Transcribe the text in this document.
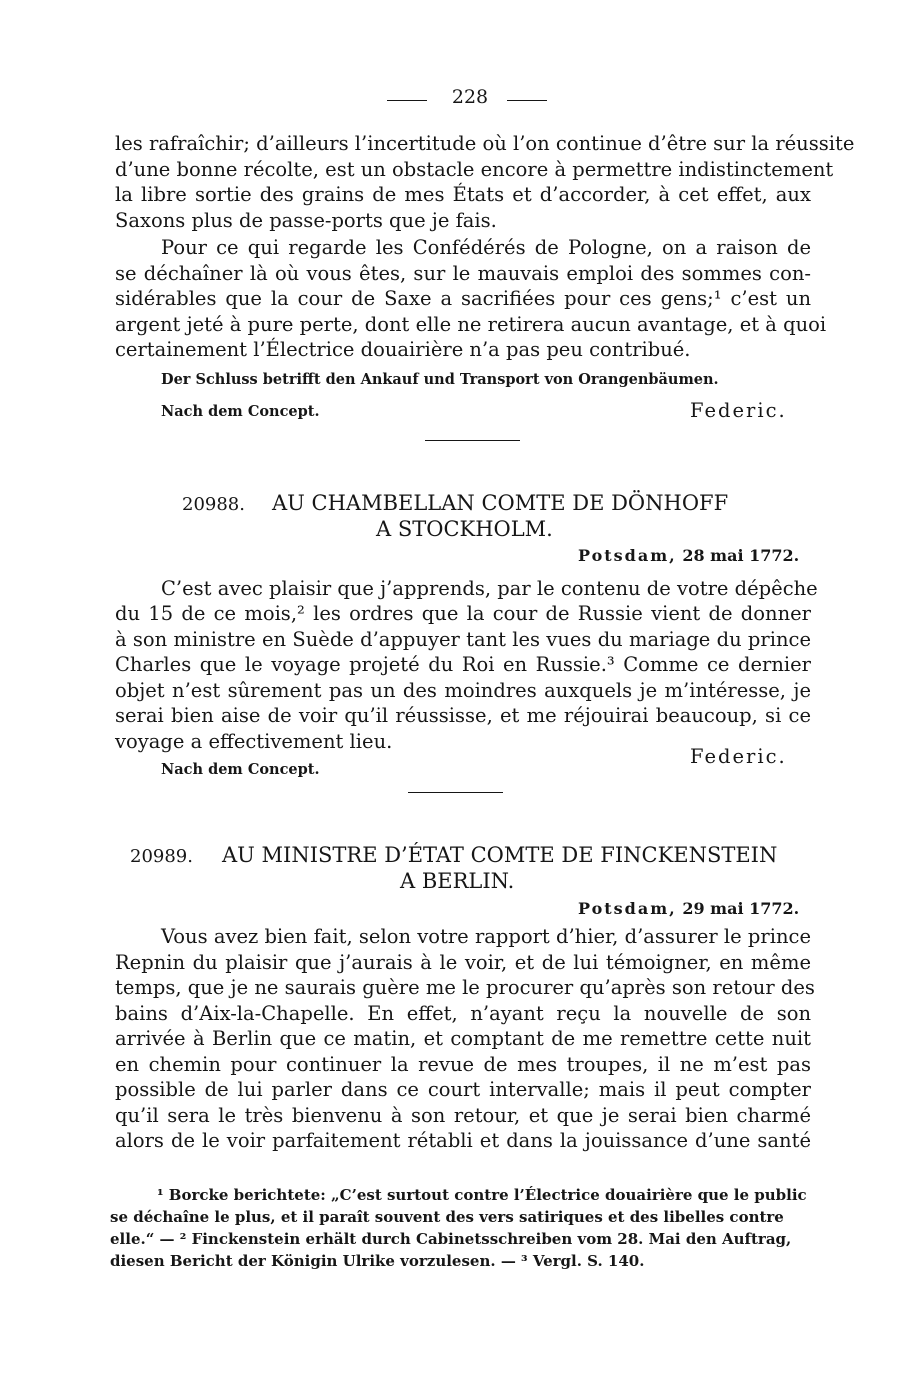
228
les rafraîchir; d’ailleurs l’incertitude où l’on continue d’être sur la réussite
d’une bonne récolte, est un obstacle encore à permettre indistinctement
la libre sortie des grains de mes États et d’accorder, à cet effet, aux
Saxons plus de passe-ports que je fais.
Pour ce qui regarde les Confédérés de Pologne, on a raison de
se déchaîner là où vous êtes, sur le mauvais emploi des sommes con-
sidérables que la cour de Saxe a sacrifiées pour ces gens;¹ c’est un
argent jeté à pure perte, dont elle ne retirera aucun avantage, et à quoi
certainement l’Électrice douairière n’a pas peu contribué.
Der Schluss betrifft den Ankauf und Transport von Orangenbäumen.
Nach dem Concept.	Federic.
20988. AU CHAMBELLAN COMTE DE DÖNHOFF
A STOCKHOLM.
Potsdam, 28 mai 1772.
C’est avec plaisir que j’apprends, par le contenu de votre dépêche
du 15 de ce mois,² les ordres que la cour de Russie vient de donner
à son ministre en Suède d’appuyer tant les vues du mariage du prince
Charles que le voyage projeté du Roi en Russie.³ Comme ce dernier
objet n’est sûrement pas un des moindres auxquels je m’intéresse, je
serai bien aise de voir qu’il réussisse, et me réjouirai beaucoup, si ce
voyage a effectivement lieu.
Federic.
Nach dem Concept.
20989. AU MINISTRE D’ÉTAT COMTE DE FINCKENSTEIN
A BERLIN.
Potsdam, 29 mai 1772.
Vous avez bien fait, selon votre rapport d’hier, d’assurer le prince
Repnin du plaisir que j’aurais à le voir, et de lui témoigner, en même
temps, que je ne saurais guère me le procurer qu’après son retour des
bains d’Aix-la-Chapelle. En effet, n’ayant reçu la nouvelle de son
arrivée à Berlin que ce matin, et comptant de me remettre cette nuit
en chemin pour continuer la revue de mes troupes, il ne m’est pas
possible de lui parler dans ce court intervalle; mais il peut compter
qu’il sera le très bienvenu à son retour, et que je serai bien charmé
alors de le voir parfaitement rétabli et dans la jouissance d’une santé
¹ Borcke berichtete: „C’est surtout contre l’Électrice douairière que le public
se déchaîne le plus, et il paraît souvent des vers satiriques et des libelles contre
elle.“ — ² Finckenstein erhält durch Cabinetsschreiben vom 28. Mai den Auftrag,
diesen Bericht der Königin Ulrike vorzulesen. — ³ Vergl. S. 140.
